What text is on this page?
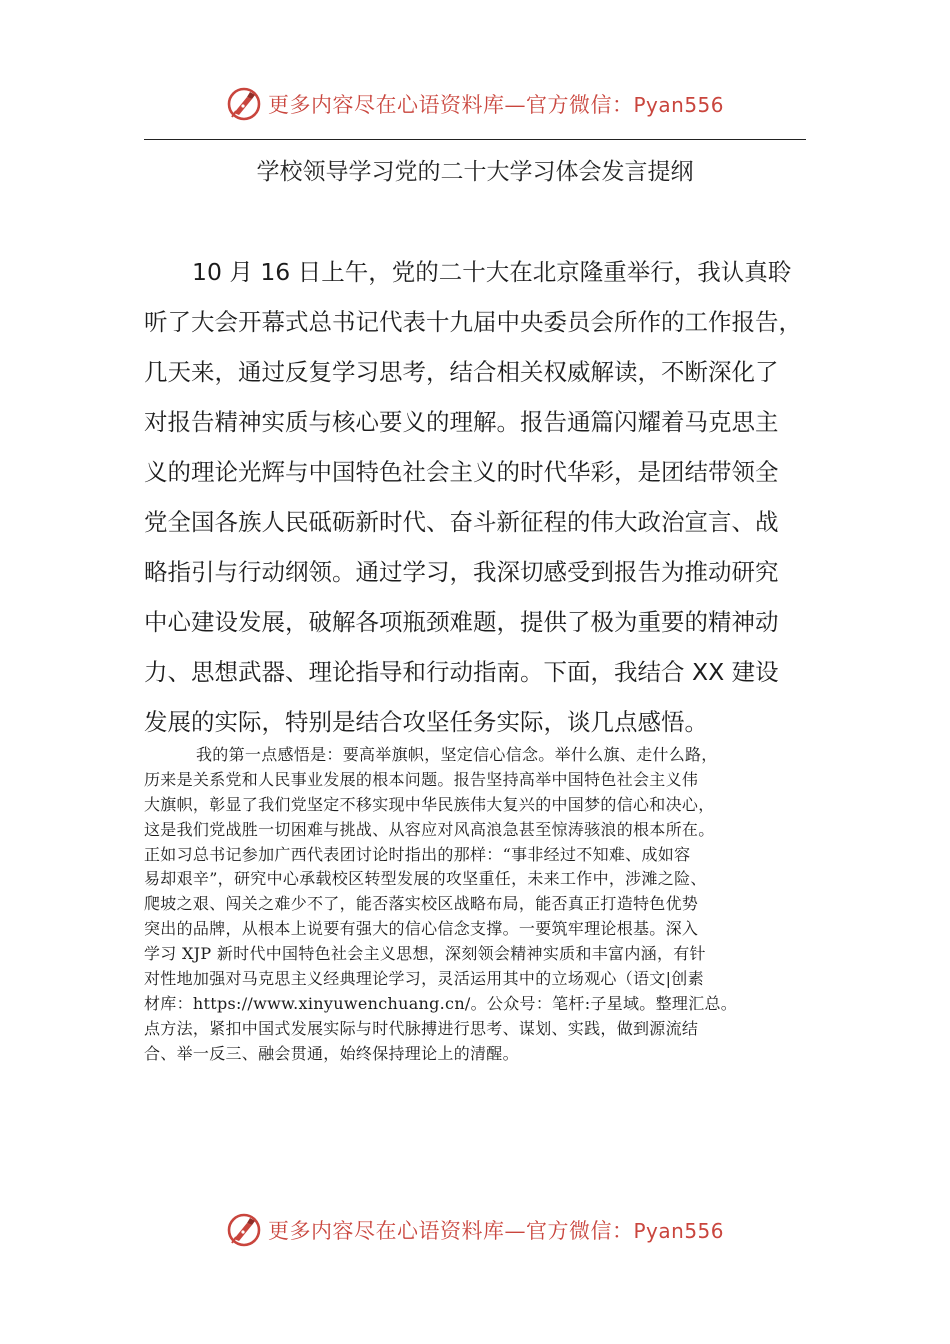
更多内容尽在心语资料库—官方微信：Pyan556
学校领导学习党的二十大学习体会发言提纲
10 月 16 日上午，党的二十大在北京隆重举行，我认真聆
听了大会开幕式总书记代表十九届中央委员会所作的工作报告，
几天来，通过反复学习思考，结合相关权威解读，不断深化了
对报告精神实质与核心要义的理解。报告通篇闪耀着马克思主
义的理论光辉与中国特色社会主义的时代华彩，是团结带领全
党全国各族人民砥砺新时代、奋斗新征程的伟大政治宣言、战
略指引与行动纲领。通过学习，我深切感受到报告为推动研究
中心建设发展，破解各项瓶颈难题，提供了极为重要的精神动
力、思想武器、理论指导和行动指南。下面，我结合 XX 建设
发展的实际，特别是结合攻坚任务实际，谈几点感悟。
我的第一点感悟是：要高举旗帜，坚定信心信念。举什么旗、走什么路，
历来是关系党和人民事业发展的根本问题。报告坚持高举中国特色社会主义伟
大旗帜，彰显了我们党坚定不移实现中华民族伟大复兴的中国梦的信心和决心，
这是我们党战胜一切困难与挑战、从容应对风高浪急甚至惊涛骇浪的根本所在。
正如习总书记参加广西代表团讨论时指出的那样：“事非经过不知难、成如容
易却艰辛”，研究中心承载校区转型发展的攻坚重任，未来工作中，涉滩之险、
爬坡之艰、闯关之难少不了，能否落实校区战略布局，能否真正打造特色优势
突出的品牌，从根本上说要有强大的信心信念支撑。一要筑牢理论根基。深入
学习 XJP 新时代中国特色社会主义思想，深刻领会精神实质和丰富内涵，有针
对性地加强对马克思主义经典理论学习，灵活运用其中的立场观心（语文|创素
材库：https://www.xinyuwenchuang.cn/。公众号：笔杆:子星域。整理汇总。
点方法，紧扣中国式发展实际与时代脉搏进行思考、谋划、实践，做到源流结
合、举一反三、融会贯通，始终保持理论上的清醒。
更多内容尽在心语资料库—官方微信：Pyan556
